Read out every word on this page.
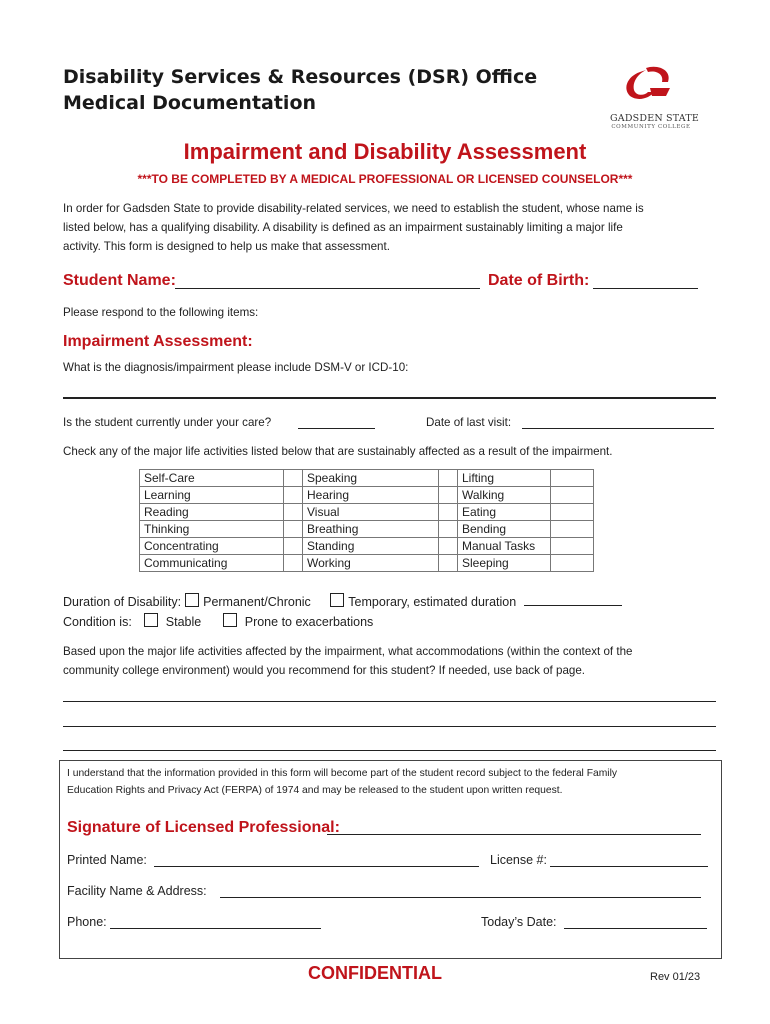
Disability Services & Resources (DSR) Office
Medical Documentation
GADSDEN STATE
COMMUNITY COLLEGE
Impairment and Disability Assessment
***TO BE COMPLETED BY A MEDICAL PROFESSIONAL OR LICENSED COUNSELOR***
In order for Gadsden State to provide disability-related services, we need to establish the student, whose name is
listed below, has a qualifying disability. A disability is defined as an impairment sustainably limiting a major life
activity. This form is designed to help us make that assessment.
Student Name:	Date of Birth:
Please respond to the following items:
Impairment Assessment:
What is the diagnosis/impairment please include DSM-V or ICD-10:
Is the student currently under your care?	Date of last visit:
Check any of the major life activities listed below that are sustainably affected as a result of the impairment.
Self-Care		Speaking		Lifting	
Learning		Hearing		Walking	
Reading		Visual		Eating	
Thinking		Breathing		Bending	
Concentrating		Standing		Manual Tasks	
Communicating		Working		Sleeping	
Duration of Disability: Permanent/Chronic	Temporary, estimated duration
Condition is:	Stable	Prone to exacerbations
Based upon the major life activities affected by the impairment, what accommodations (within the context of the
community college environment) would you recommend for this student? If needed, use back of page.
I understand that the information provided in this form will become part of the student record subject to the federal Family
Education Rights and Privacy Act (FERPA) of 1974 and may be released to the student upon written request.
Signature of Licensed Professional:
Printed Name:	License #:
Facility Name & Address:
Phone:	Today’s Date:
CONFIDENTIAL	Rev 01/23
